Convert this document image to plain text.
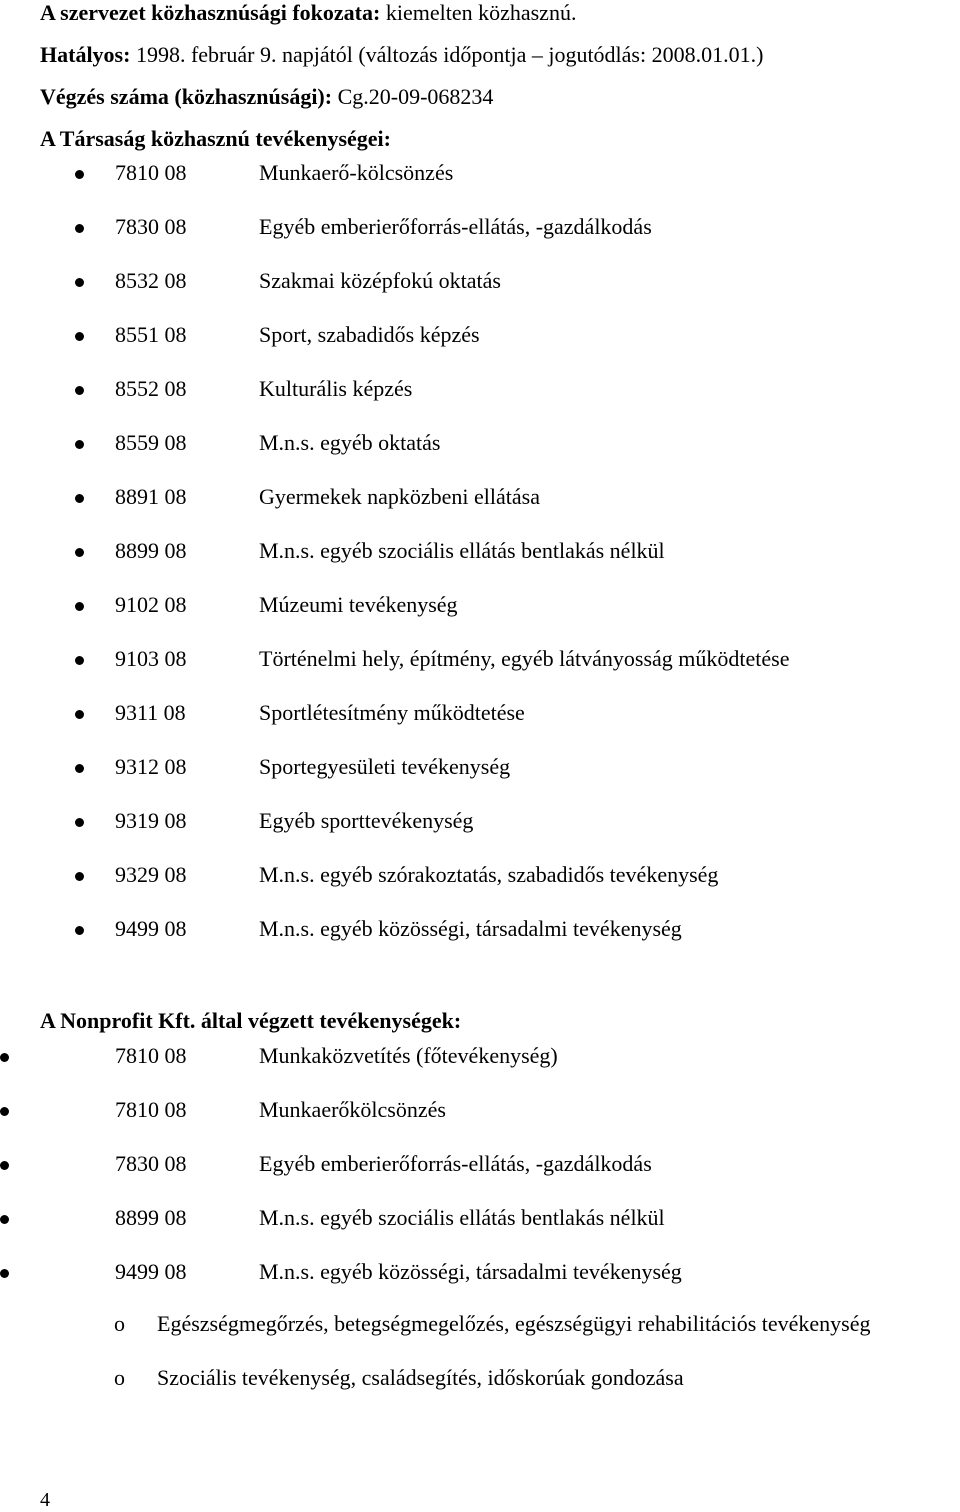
A szervezet közhasznúsági fokozata: kiemelten közhasznú.
Hatályos: 1998. február 9. napjától (változás időpontja – jogutódlás: 2008.01.01.)
Végzés száma (közhasznúsági): Cg.20-09-068234
A Társaság közhasznú tevékenységei:
7810 08	Munkaerő-kölcsönzés
7830 08	Egyéb emberierőforrás-ellátás, -gazdálkodás
8532 08	Szakmai középfokú oktatás
8551 08	Sport, szabadidős képzés
8552 08	Kulturális képzés
8559 08	M.n.s. egyéb oktatás
8891 08	Gyermekek napközbeni ellátása
8899 08	M.n.s. egyéb szociális ellátás bentlakás nélkül
9102 08	Múzeumi tevékenység
9103 08	Történelmi hely, építmény, egyéb látványosság működtetése
9311 08	Sportlétesítmény működtetése
9312 08	Sportegyesületi tevékenység
9319 08	Egyéb sporttevékenység
9329 08	M.n.s. egyéb szórakoztatás, szabadidős tevékenység
9499 08	M.n.s. egyéb közösségi, társadalmi tevékenység
A Nonprofit Kft. által végzett tevékenységek:
7810 08	Munkaközvetítés (főtevékenység)
7810 08	Munkaerőkölcsönzés
7830 08	Egyéb emberierőforrás-ellátás, -gazdálkodás
8899 08	M.n.s. egyéb szociális ellátás bentlakás nélkül
9499 08	M.n.s. egyéb közösségi, társadalmi tevékenység
o Egészségmegőrzés, betegségmegelőzés, egészségügyi rehabilitációs tevékenység
o Szociális tevékenység, családsegítés, időskorúak gondozása
4
